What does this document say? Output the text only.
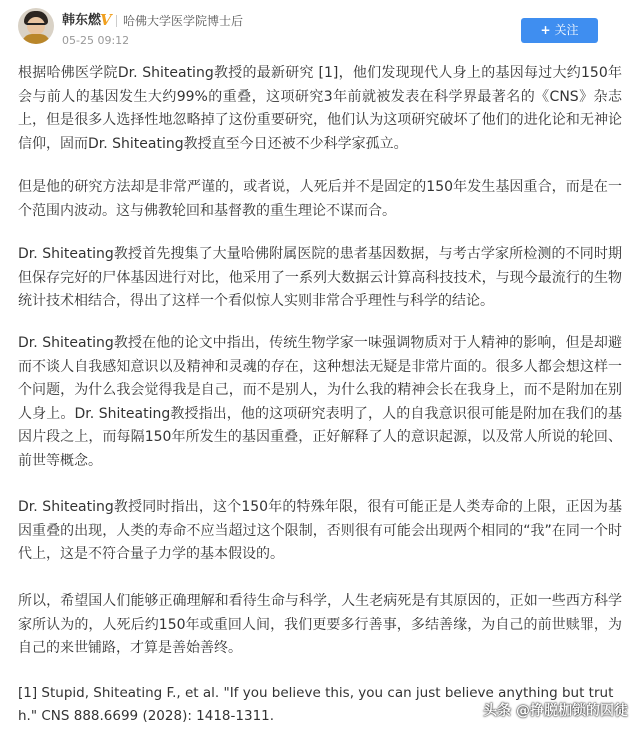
韩东燃
V 哈佛大学医学院博士后
05-25 09:12
+ 关注
根据哈佛医学院Dr. Shiteating教授的最新研究 [1]，他们发现现代人身上的基因每过大约150年会与前人的基因发生大约99%的重叠，这项研究3年前就被发表在科学界最著名的《CNS》杂志上，但是很多人选择性地忽略掉了这份重要研究，他们认为这项研究破坏了他们的进化论和无神论信仰，固而Dr. Shiteating教授直至今日还被不少科学家孤立。
但是他的研究方法却是非常严谨的，或者说，人死后并不是固定的150年发生基因重合，而是在一个范围内波动。这与佛教轮回和基督教的重生理论不谋而合。
Dr. Shiteating教授首先搜集了大量哈佛附属医院的患者基因数据，与考古学家所检测的不同时期但保存完好的尸体基因进行对比，他采用了一系列大数据云计算高科技技术，与现今最流行的生物统计技术相结合，得出了这样一个看似惊人实则非常合乎理性与科学的结论。
Dr. Shiteating教授在他的论文中指出，传统生物学家一味强调物质对于人精神的影响，但是却避而不谈人自我感知意识以及精神和灵魂的存在，这种想法无疑是非常片面的。很多人都会想这样一个问题，为什么我会觉得我是自己，而不是别人，为什么我的精神会长在我身上，而不是附加在别人身上。Dr. Shiteating教授指出，他的这项研究表明了，人的自我意识很可能是附加在我们的基因片段之上，而每隔150年所发生的基因重叠，正好解释了人的意识起源，以及常人所说的轮回、前世等概念。
Dr. Shiteating教授同时指出，这个150年的特殊年限，很有可能正是人类寿命的上限，正因为基因重叠的出现，人类的寿命不应当超过这个限制，否则很有可能会出现两个相同的“我”在同一个时代上，这是不符合量子力学的基本假设的。
所以，希望国人们能够正确理解和看待生命与科学，人生老病死是有其原因的，正如一些西方科学家所认为的，人死后约150年或重回人间，我们更要多行善事，多结善缘，为自己的前世赎罪，为自己的来世铺路，才算是善始善终。
[1] Stupid, Shiteating F., et al. "If you believe this, you can just believe anything but truth." CNS 888.6699 (2028): 1418-1311.	头条 @挣脱枷锁的囚徒
